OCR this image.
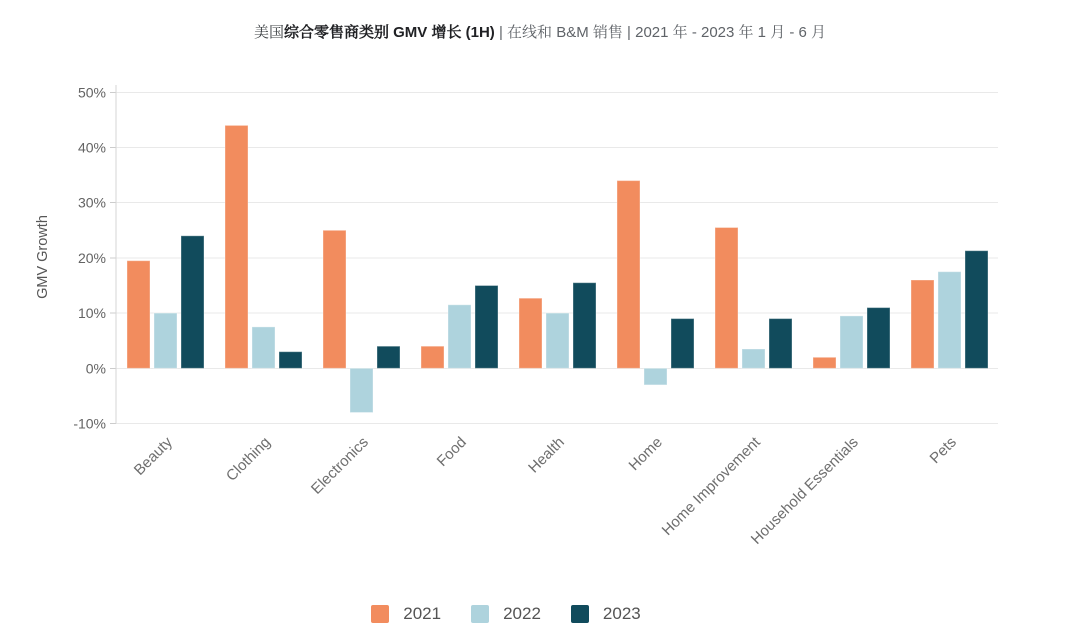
美国综合零售商类别 GMV 增长 (1H) | 在线和 B&M 销售 | 2021 年 - 2023 年 1 月 - 6 月
-10%
0%
10%
20%
30%
40%
50%
GMV Growth
Beauty	Clothing Electronics	Food	Health	Home
Home Improvement
Household Essentials	Pets
2021	2022	2023
